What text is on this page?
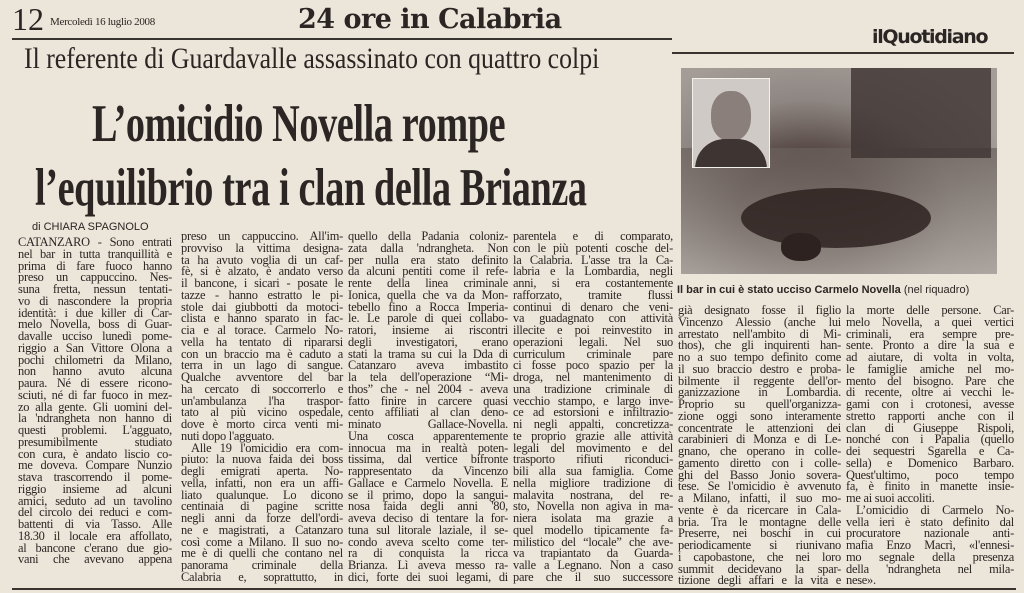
12 Mercoledì 16 luglio 2008	24 ore in Calabria
ilQuotidiano
Il referente di Guardavalle assassinato con quattro colpi
L’omicidio Novella rompe
l’equilibrio tra i clan della Brianza
di CHIARA SPAGNOLO
Il bar in cui è stato ucciso Carmelo Novella (nel riquadro)
CATANZARO - Sono entrati
nel bar in tutta tranquillità e
prima di fare fuoco hanno
preso un cappuccino. Nes-
suna fretta, nessun tentati-
vo di nascondere la propria
identità: i due killer di Car-
melo Novella, boss di Guar-
davalle ucciso lunedì pome-
riggio a San Vittore Olona a
pochi chilometri da Milano,
non hanno avuto alcuna
paura. Né di essere ricono-
sciuti, né di far fuoco in mez-
zo alla gente. Gli uomini del-
la 'ndrangheta non hanno di
questi problemi. L'agguato,
presumibilmente studiato
con cura, è andato liscio co-
me doveva. Compare Nunzio
stava trascorrendo il pome-
riggio insieme ad alcuni
amici, seduto ad un tavolino
del circolo dei reduci e com-
battenti di via Tasso. Alle
18.30 il locale era affollato,
al bancone c'erano due gio-
vani che avevano appena
preso un cappuccino. All'im-
provviso la vittima designa-
ta ha avuto voglia di un caf-
fè, si è alzato, è andato verso
il bancone, i sicari - posate le
tazze - hanno estratto le pi-
stole dai giubbotti da motoci-
clista e hanno sparato in fac-
cia e al torace. Carmelo No-
vella ha tentato di ripararsi
con un braccio ma è caduto a
terra in un lago di sangue.
Qualche avventore del bar
ha cercato di soccorrerlo e
un'ambulanza l'ha traspor-
tato al più vicino ospedale,
dove è morto circa venti mi-
nuti dopo l'agguato.
Alle 19 l'omicidio era com-
piuto: la nuova faida dei boss
degli emigrati aperta. No-
vella, infatti, non era un affi-
liato qualunque. Lo dicono
centinaia di pagine scritte
negli anni da forze dell'ordi-
ne e magistrati, a Catanzaro
così come a Milano. Il suo no-
me è di quelli che contano nel
panorama criminale della
Calabria e, soprattutto, in
quello della Padania coloniz-
zata dalla 'ndrangheta. Non
per nulla era stato definito
da alcuni pentiti come il refe-
rente della linea criminale
Ionica, quella che va da Mon-
tebello fino a Rocca Imperia-
le. Le parole di quei collabo-
ratori, insieme ai riscontri
degli investigatori, erano
stati la trama su cui la Dda di
Catanzaro aveva imbastito
la tela dell'operazione “Mi-
thos” che - nel 2004 - aveva
fatto finire in carcere quasi
cento affiliati al clan deno-
minato Gallace-Novella.
Una cosca apparentemente
innocua ma in realtà poten-
tissima, dal vertice bifronte
rappresentato da Vincenzo
Gallace e Carmelo Novella. E
se il primo, dopo la sangui-
nosa faida degli anni '80,
aveva deciso di tentare la for-
tuna sul litorale laziale, il se-
condo aveva scelto come ter-
ra di conquista la ricca
Brianza. Lì aveva messo ra-
dici, forte dei suoi legami, di
parentela e di comparato,
con le più potenti cosche del-
la Calabria. L'asse tra la Ca-
labria e la Lombardia, negli
anni, si era costantemente
rafforzato, tramite flussi
continui di denaro che veni-
va guadagnato con attività
illecite e poi reinvestito in
operazioni legali. Nel suo
curriculum criminale pare
ci fosse poco spazio per la
droga, nel mantenimento di
una tradizione criminale di
vecchio stampo, e largo inve-
ce ad estorsioni e infiltrazio-
ni negli appalti, concretizza-
te proprio grazie alle attività
legali del movimento e del
trasporto rifiuti riconduci-
bili alla sua famiglia. Come
nella migliore tradizione di
malavita nostrana, del re-
sto, Novella non agiva in ma-
niera isolata ma grazie a
quel modello tipicamente fa-
milistico del “locale” che ave-
va trapiantato da Guarda-
valle a Legnano. Non a caso
pare che il suo successore
già designato fosse il figlio
Vincenzo Alessio (anche lui
arrestato nell'ambito di Mi-
thos), che gli inquirenti han-
no a suo tempo definito come
il suo braccio destro e proba-
bilmente il reggente dell'or-
ganizzazione in Lombardia.
Proprio su quell'organizza-
zione oggi sono interamente
concentrate le attenzioni dei
carabinieri di Monza e di Le-
gnano, che operano in colle-
gamento diretto con i colle-
ghi del Basso Jonio sovera-
tese. Se l'omicidio è avvenuto
a Milano, infatti, il suo mo-
vente è da ricercare in Cala-
bria. Tra le montagne delle
Preserre, nei boschi in cui
periodicamente si riunivano
i capobastone, che nei loro
summit decidevano la spar-
tizione degli affari e la vita e
la morte delle persone. Car-
melo Novella, a quei vertici
criminali, era sempre pre-
sente. Pronto a dire la sua e
ad aiutare, di volta in volta,
le famiglie amiche nel mo-
mento del bisogno. Pare che
di recente, oltre ai vecchi le-
gami con i crotonesi, avesse
stretto rapporti anche con il
clan di Giuseppe Rispoli,
nonché con i Papalia (quello
dei sequestri Sgarella e Ca-
sella) e Domenico Barbaro.
Quest'ultimo, poco tempo
fa, è finito in manette insie-
me ai suoi accoliti.
L’omicidio di Carmelo No-
vella ieri è stato definito dal
procuratore nazionale anti-
mafia Enzo Macrì, «l'ennesi-
mo segnale della presenza
della 'ndrangheta nel mila-
nese».
